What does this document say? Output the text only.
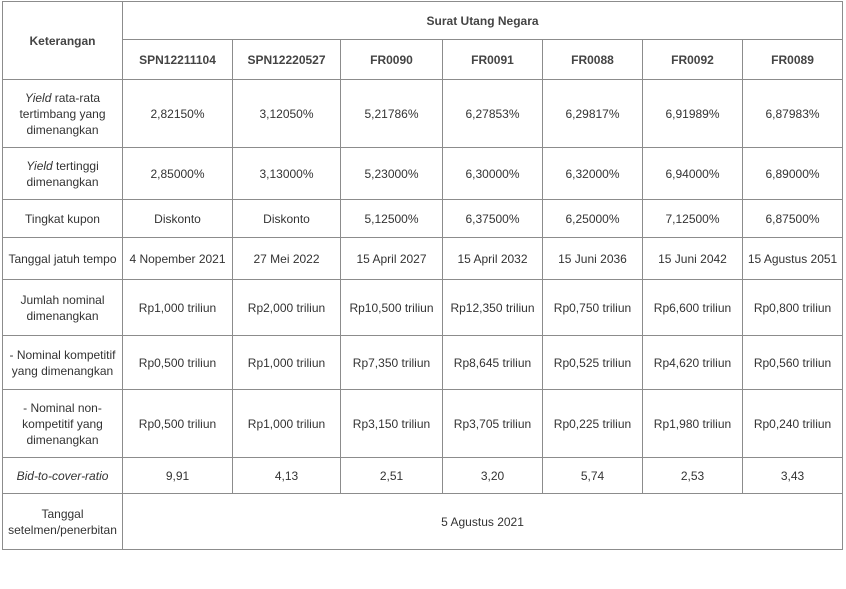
Keterangan	Surat Utang Negara						
	SPN12211104	SPN12220527	FR0090	FR0091	FR0088	FR0092	FR0089
Yield rata-rata tertimbang yang dimenangkan	2,82150%	3,12050%	5,21786%	6,27853%	6,29817%	6,91989%	6,87983%
Yield tertinggi dimenangkan	2,85000%	3,13000%	5,23000%	6,30000%	6,32000%	6,94000%	6,89000%
Tingkat kupon	Diskonto	Diskonto	5,12500%	6,37500%	6,25000%	7,12500%	6,87500%
Tanggal jatuh tempo	4 Nopember 2021	27 Mei 2022	15 April 2027	15 April 2032	15 Juni 2036	15 Juni 2042	15 Agustus 2051
Jumlah nominal dimenangkan	Rp1,000 triliun	Rp2,000 triliun	Rp10,500 triliun	Rp12,350 triliun	Rp0,750 triliun	Rp6,600 triliun	Rp0,800 triliun
- Nominal kompetitif yang dimenangkan	Rp0,500 triliun	Rp1,000 triliun	Rp7,350 triliun	Rp8,645 triliun	Rp0,525 triliun	Rp4,620 triliun	Rp0,560 triliun
- Nominal non-kompetitif yang dimenangkan	Rp0,500 triliun	Rp1,000 triliun	Rp3,150 triliun	Rp3,705 triliun	Rp0,225 triliun	Rp1,980 triliun	Rp0,240 triliun
Bid-to-cover-ratio	9,91	4,13	2,51	3,20	5,74	2,53	3,43
Tanggal setelmen/penerbitan	5 Agustus 2021						
